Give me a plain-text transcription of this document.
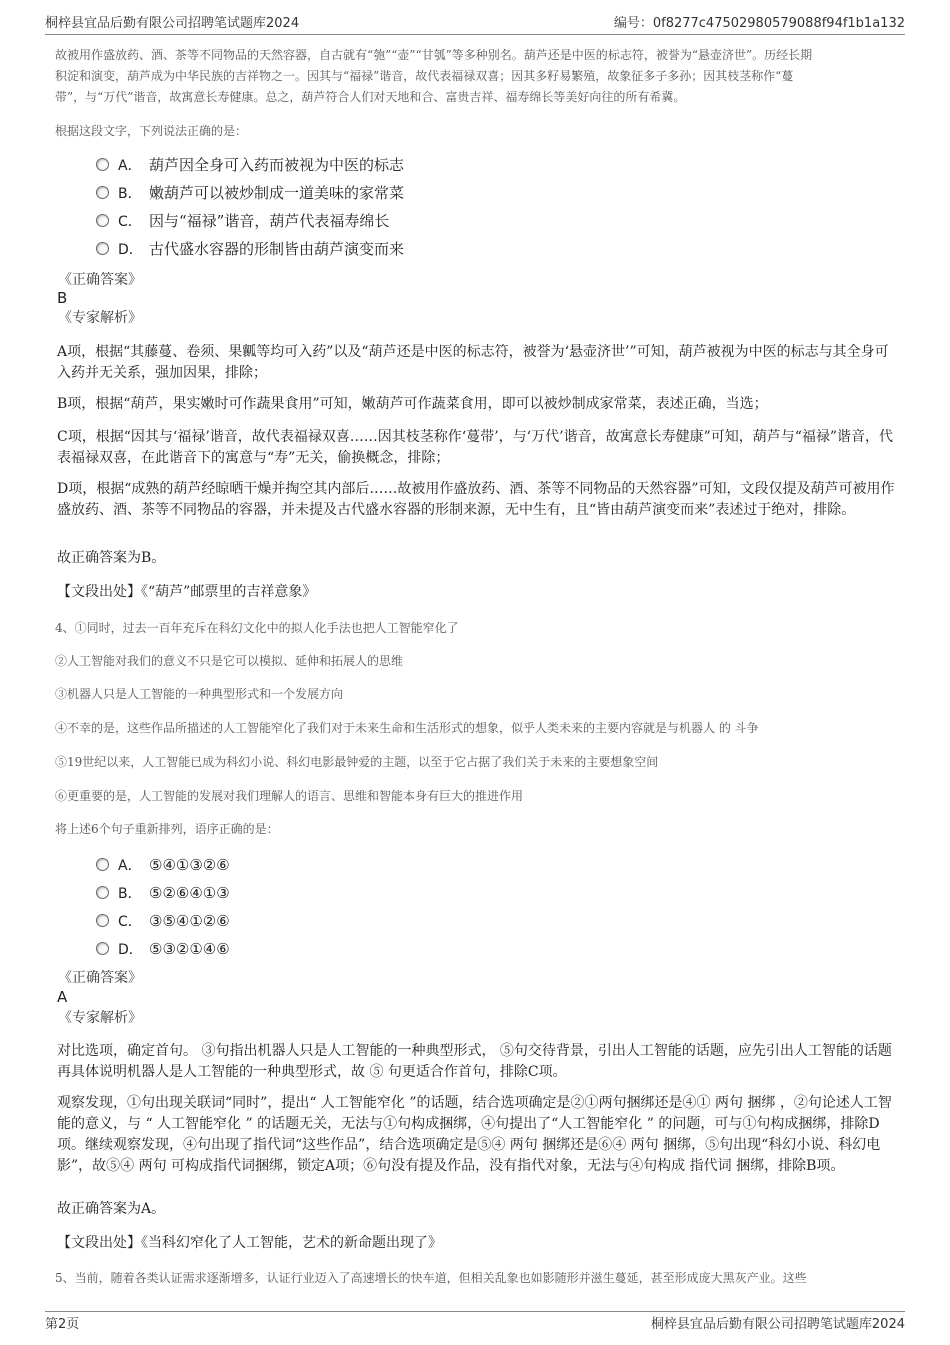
桐梓县宜品后勤有限公司招聘笔试题库2024	编号：0f8277c47502980579088f94f1b1a132
故被用作盛放药、酒、茶等不同物品的天然容器，自古就有“匏”“壶”“甘瓠”等多种别名。葫芦还是中医的标志符，被誉为“悬壶济世”。历经长期
积淀和演变，葫芦成为中华民族的吉祥物之一。因其与“福禄”谐音，故代表福禄双喜；因其多籽易繁殖，故象征多子多孙；因其枝茎称作“蔓
带”，与“万代”谐音，故寓意长寿健康。总之，葫芦符合人们对天地和合、富贵吉祥、福寿绵长等美好向往的所有希冀。
根据这段文字，下列说法正确的是：
A． 葫芦因全身可入药而被视为中医的标志
B． 嫩葫芦可以被炒制成一道美味的家常菜
C． 因与“福禄”谐音，葫芦代表福寿绵长
D． 古代盛水容器的形制皆由葫芦演变而来
《正确答案》
B
《专家解析》
A项，根据“其藤蔓、卷须、果瓤等均可入药”以及“葫芦还是中医的标志符，被誉为‘悬壶济世’”可知，葫芦被视为中医的标志与其全身可入药并无关系，强加因果，排除；
B项，根据“葫芦，果实嫩时可作蔬果食用”可知，嫩葫芦可作蔬菜食用，即可以被炒制成家常菜，表述正确，当选；
C项，根据“因其与‘福禄’谐音，故代表福禄双喜……因其枝茎称作‘蔓带’，与‘万代’谐音，故寓意长寿健康”可知，葫芦与“福禄”谐音，代表福禄双喜，在此谐音下的寓意与“寿”无关，偷换概念，排除；
D项，根据“成熟的葫芦经晾晒干燥并掏空其内部后……故被用作盛放药、酒、茶等不同物品的天然容器”可知，文段仅提及葫芦可被用作盛放药、酒、茶等不同物品的容器，并未提及古代盛水容器的形制来源，无中生有，且“皆由葫芦演变而来”表述过于绝对，排除。
故正确答案为B。
【文段出处】《“葫芦”邮票里的吉祥意象》
4、①同时，过去一百年充斥在科幻文化中的拟人化手法也把人工智能窄化了
②人工智能对我们的意义不只是它可以模拟、延伸和拓展人的思维
③机器人只是人工智能的一种典型形式和一个发展方向
④不幸的是，这些作品所描述的人工智能窄化了我们对于未来生命和生活形式的想象，似乎人类未来的主要内容就是与机器人 的 斗争
⑤19世纪以来，人工智能已成为科幻小说、科幻电影最钟爱的主题，以至于它占据了我们关于未来的主要想象空间
⑥更重要的是，人工智能的发展对我们理解人的语言、思维和智能本身有巨大的推进作用
将上述6个句子重新排列，语序正确的是：
A． ⑤④①③②⑥
B． ⑤②⑥④①③
C． ③⑤④①②⑥
D． ⑤③②①④⑥
《正确答案》
A
《专家解析》
对比选项，确定首句。 ③句指出机器人只是人工智能的一种典型形式， ⑤句交待背景，引出人工智能的话题，应先引出人工智能的话题再具体说明机器人是人工智能的一种典型形式，故 ⑤ 句更适合作首句，排除C项。
观察发现，①句出现关联词“同时”，提出“ 人工智能窄化 ”的话题，结合选项确定是②①两句捆绑还是④① 两句 捆绑 ，②句论述人工智能的意义，与 “ 人工智能窄化 ” 的话题无关，无法与①句构成捆绑，④句提出了“人工智能窄化 ” 的问题，可与①句构成捆绑，排除D项。继续观察发现，④句出现了指代词“这些作品”，结合选项确定是⑤④ 两句 捆绑还是⑥④ 两句 捆绑，⑤句出现“科幻小说、科幻电影”，故⑤④ 两句 可构成指代词捆绑，锁定A项；⑥句没有提及作品，没有指代对象，无法与④句构成 指代词 捆绑，排除B项。
故正确答案为A。
【文段出处】《当科幻窄化了人工智能，艺术的新命题出现了》
5、当前，随着各类认证需求逐渐增多，认证行业迈入了高速增长的快车道，但相关乱象也如影随形并滋生蔓延，甚至形成庞大黑灰产业。这些
第2页	桐梓县宜品后勤有限公司招聘笔试题库2024
